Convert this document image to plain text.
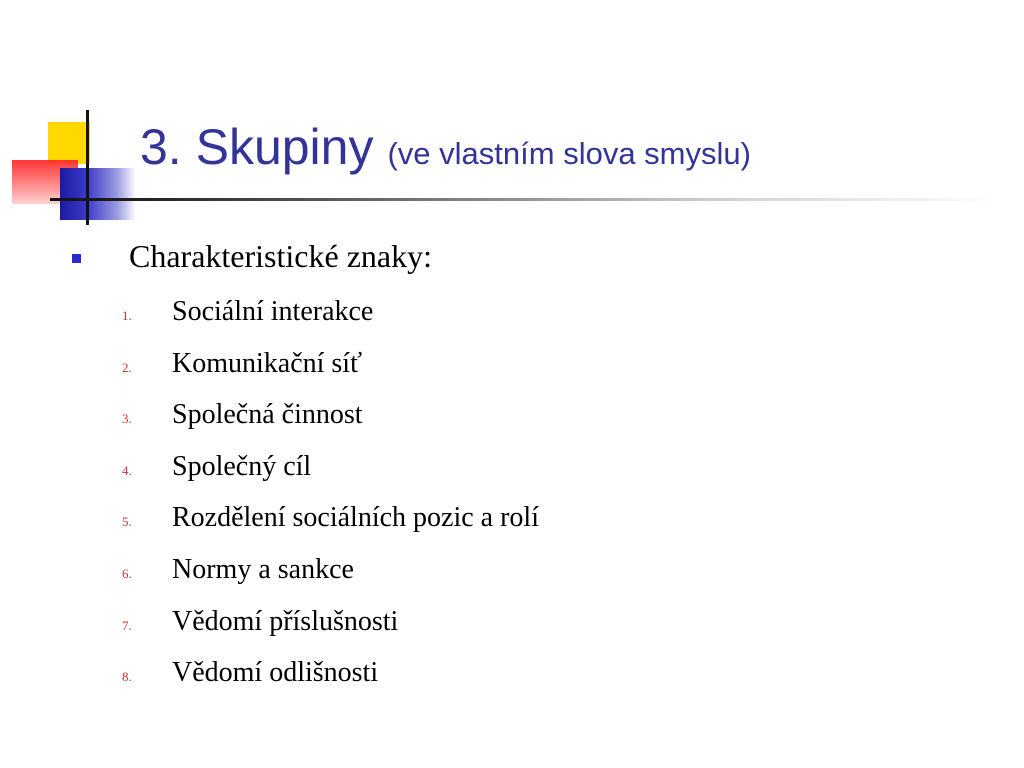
3. Skupiny (ve vlastním slova smyslu)
Charakteristické znaky:
1.	Sociální interakce
2.	Komunikační síť
3.	Společná činnost
4.	Společný cíl
5.	Rozdělení sociálních pozic a rolí
6.	Normy a sankce
7.	Vědomí příslušnosti
8.	Vědomí odlišnosti
